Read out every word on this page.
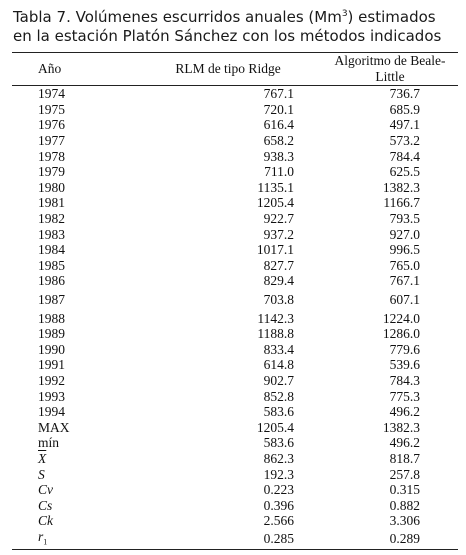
Tabla 7. Volúmenes escurridos anuales (Mm$^3$) estimados
en la estación Platón Sánchez con los métodos indicados

Año	RLM de tipo Ridge	Algoritmo de Beale-Little
1974	767.1	736.7
1975	720.1	685.9
1976	616.4	497.1
1977	658.2	573.2
1978	938.3	784.4
1979	711.0	625.5
1980	1135.1	1382.3
1981	1205.4	1166.7
1982	922.7	793.5
1983	937.2	927.0
1984	1017.1	996.5
1985	827.7	765.0
1986	829.4	767.1
1987	703.8	607.1
1988	1142.3	1224.0
1989	1188.8	1286.0
1990	833.4	779.6
1991	614.8	539.6
1992	902.7	784.3
1993	852.8	775.3
1994	583.6	496.2
MAX	1205.4	1382.3
mín	583.6	496.2
$\overline{X}$	862.3	818.7
S	192.3	257.8
Cv	0.223	0.315
Cs	0.396	0.882
Ck	2.566	3.306
$r_1$	0.285	0.289
